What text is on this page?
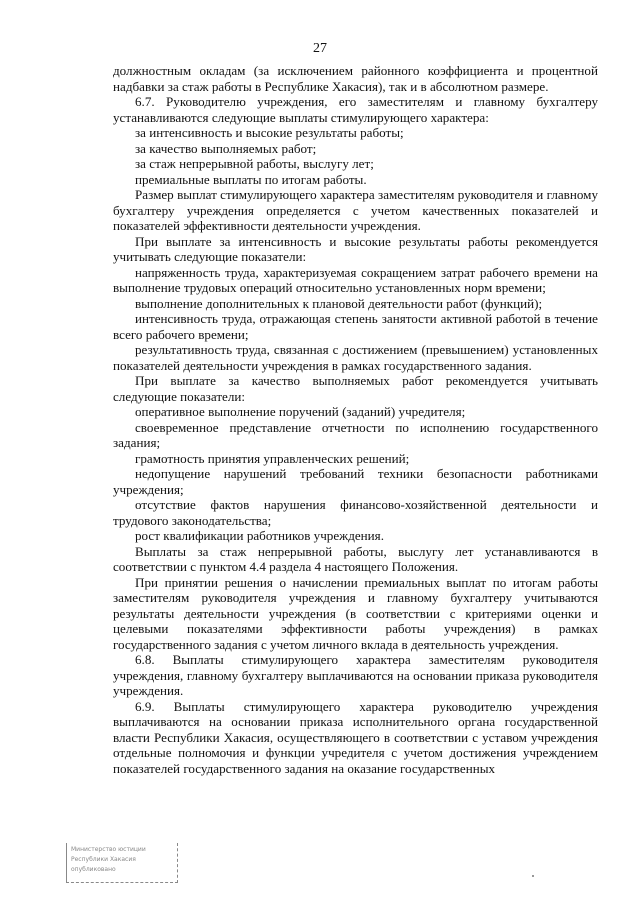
27

должностным окладам (за исключением районного коэффициента и процентной надбавки за стаж работы в Республике Хакасия), так и в абсолютном размере.

6.7. Руководителю учреждения, его заместителям и главному бухгалтеру устанавливаются следующие выплаты стимулирующего характера:

за интенсивность и высокие результаты работы;

за качество выполняемых работ;

за стаж непрерывной работы, выслугу лет;

премиальные выплаты по итогам работы.

Размер выплат стимулирующего характера заместителям руководителя и главному бухгалтеру учреждения определяется с учетом качественных показателей и показателей эффективности деятельности учреждения.

При выплате за интенсивность и высокие результаты работы рекомендуется учитывать следующие показатели:

напряженность труда, характеризуемая сокращением затрат рабочего времени на выполнение трудовых операций относительно установленных норм времени;

выполнение дополнительных к плановой деятельности работ (функций);

интенсивность труда, отражающая степень занятости активной работой в течение всего рабочего времени;

результативность труда, связанная с достижением (превышением) установленных показателей деятельности учреждения в рамках государственного задания.

При выплате за качество выполняемых работ рекомендуется учитывать следующие показатели:

оперативное выполнение поручений (заданий) учредителя;

своевременное представление отчетности по исполнению государственного задания;

грамотность принятия управленческих решений;

недопущение нарушений требований техники безопасности работниками учреждения;

отсутствие фактов нарушения финансово-хозяйственной деятельности и трудового законодательства;

рост квалификации работников учреждения.

Выплаты за стаж непрерывной работы, выслугу лет устанавливаются в соответствии с пунктом 4.4 раздела 4 настоящего Положения.

При принятии решения о начислении премиальных выплат по итогам работы заместителям руководителя учреждения и главному бухгалтеру учитываются результаты деятельности учреждения (в соответствии с критериями оценки и целевыми показателями эффективности работы учреждения) в рамках государственного задания с учетом личного вклада в деятельность учреждения.

6.8. Выплаты стимулирующего характера заместителям руководителя учреждения, главному бухгалтеру выплачиваются на основании приказа руководителя учреждения.

6.9. Выплаты стимулирующего характера руководителю учреждения выплачиваются на основании приказа исполнительного органа государственной власти Республики Хакасия, осуществляющего в соответствии с уставом учреждения отдельные полномочия и функции учредителя с учетом достижения учреждением показателей государственного задания на оказание государственных

Министерство юстиции
Республики Хакасия
опубликовано
